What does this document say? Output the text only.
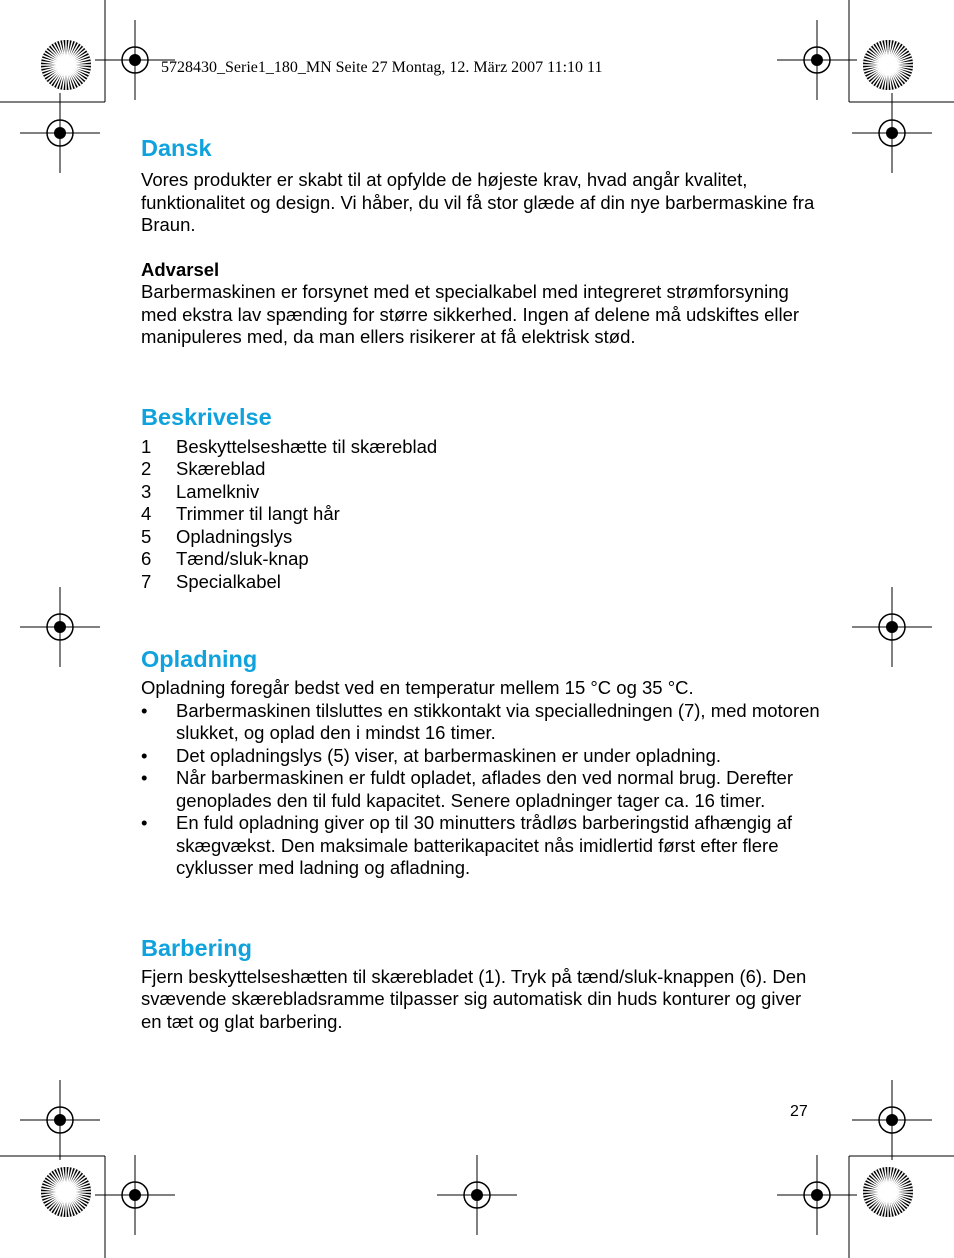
5728430_Serie1_180_MN Seite 27 Montag, 12. März 2007 11:10 11
Dansk

Vores produkter er skabt til at opfylde de højeste krav, hvad angår kvalitet, funktionalitet og design. Vi håber, du vil få stor glæde af din nye barbermaskine fra Braun.

Advarsel

Barbermaskinen er forsynet med et specialkabel med integreret strømforsyning med ekstra lav spænding for større sikkerhed. Ingen af delene må udskiftes eller manipuleres med, da man ellers risikerer at få elektrisk stød.

Beskrivelse
1	Beskyttelseshætte til skæreblad
2	Skæreblad
3	Lamelkniv
4	Trimmer til langt hår
5	Opladningslys
6	Tænd/sluk-knap
7	Specialkabel
Opladning

Opladning foregår bedst ved en temperatur mellem 15 °C og 35 °C.

•	Barbermaskinen tilsluttes en stikkontakt via specialledningen (7), med motoren slukket, og oplad den i mindst 16 timer.
•	Det opladningslys (5) viser, at barbermaskinen er under opladning.
•	Når barbermaskinen er fuldt opladet, aflades den ved normal brug. Derefter genoplades den til fuld kapacitet. Senere opladninger tager ca. 16 timer.
•	En fuld opladning giver op til 30 minutters trådløs barberingstid afhængig af skægvækst. Den maksimale batterikapacitet nås imidlertid først efter flere cyklusser med ladning og afladning.
Barbering

Fjern beskyttelseshætten til skærebladet (1). Tryk på tænd/sluk-knappen (6). Den svævende skærebladsramme tilpasser sig automatisk din huds konturer og giver en tæt og glat barbering.

27
